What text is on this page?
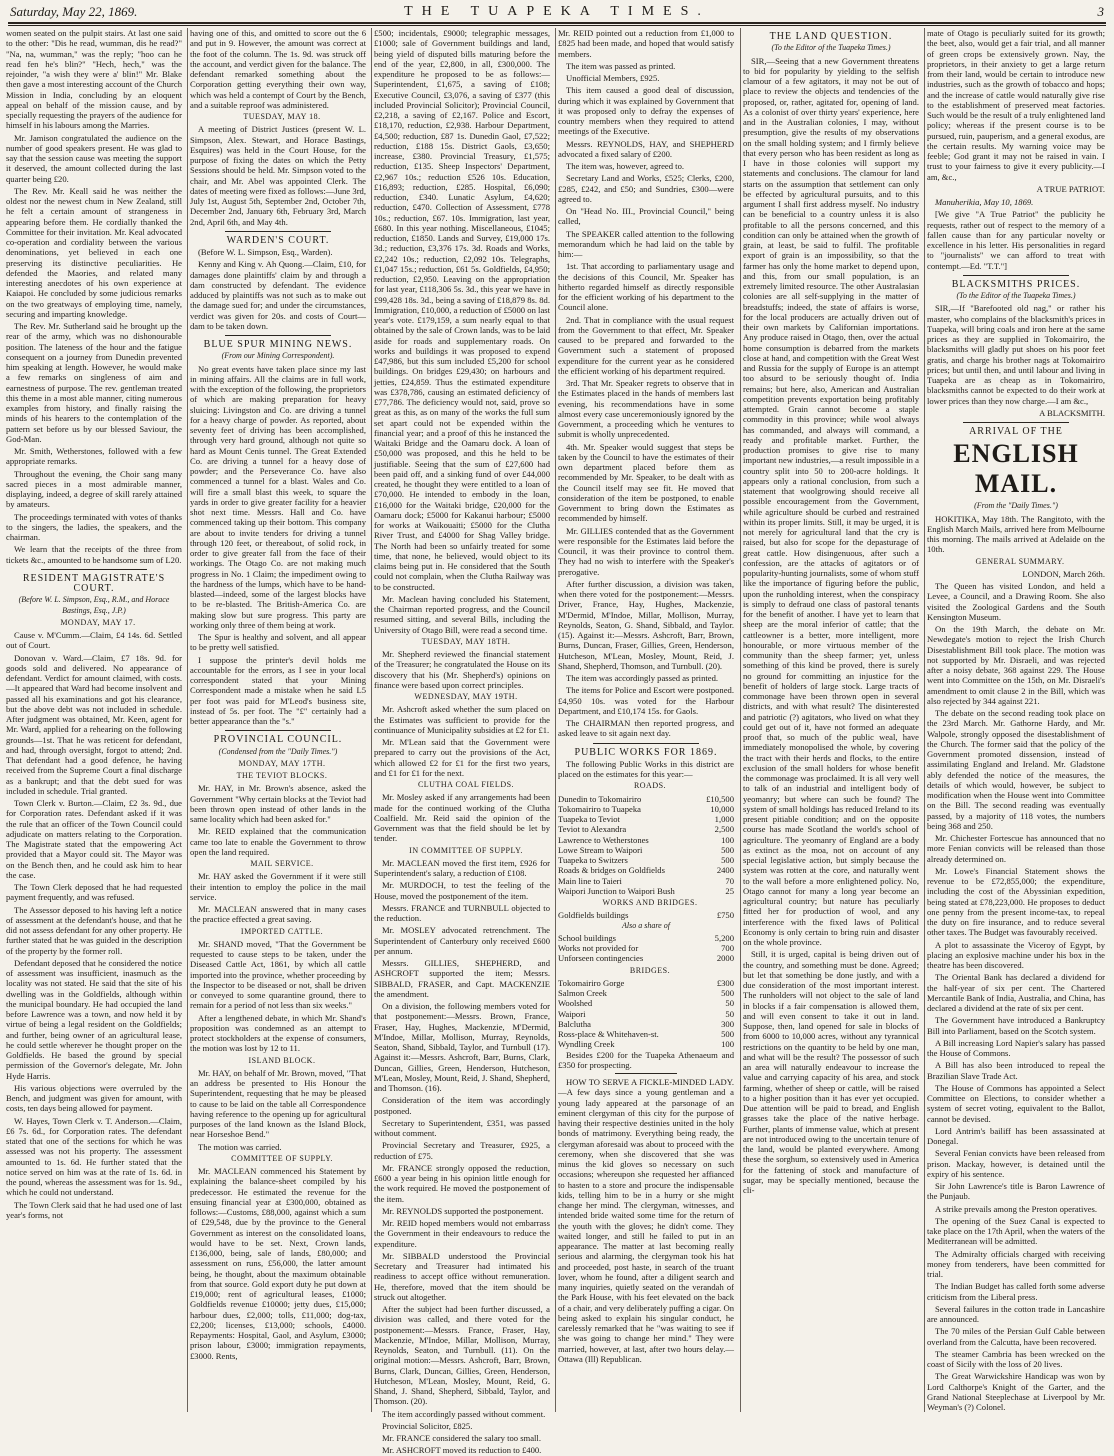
Saturday, May 22, 1869.	THE TUAPEKA TIMES.	3

women seated on the pulpit stairs. At last one said to the other: "Dis he read, wumman, dis he read?" "Na, na, wumman," was the reply; "hoo can he read fen he's blin?" "Hech, hech," was the rejoinder, "a wish they were a' blin!" Mr. Blake then gave a most interesting account of the Church Mission in India, concluding by an eloquent appeal on behalf of the mission cause, and by specially requesting the prayers of the audience for himself in his labours among the Marries.

Mr. Jamison congratulated the audience on the number of good speakers present. He was glad to say that the session cause was meeting the support it deserved, the amount collected during the last quarter being £20.

The Rev. Mr. Keall said he was neither the oldest nor the newest chum in New Zealand, still he felt a certain amount of strangeness in appearing before them. He cordially thanked the Committee for their invitation. Mr. Keal advocated co-operation and cordiality between the various denominations, yet believed in each one preserving its distinctive peculiarities. He defended the Maories, and related many interesting anecdotes of his own experience at Kaiapoi. He concluded by some judicious remarks on the two greatways of employing time, namely, securing and imparting knowledge.

The Rev. Mr. Sutherland said he brought up the rear of the army, which was no dishonourable position. The lateness of the hour and the fatigue consequent on a journey from Dunedin prevented him speaking at length. However, he would make a few remarks on singleness of aim and earnestness of purpose. The rev. gentleman treated this theme in a most able manner, citing numerous examples from history, and finally raising the minds of his hearers to the contemplation of the pattern set before us by our blessed Saviour, the God-Man.

Mr. Smith, Wetherstones, followed with a few appropriate remarks.

Throughout the evening, the Choir sang many sacred pieces in a most admirable manner, displaying, indeed, a degree of skill rarely attained by amateurs.

The proceedings terminated with votes of thanks to the singers, the ladies, the speakers, and the chairman.

We learn that the receipts of the three from tickets &c., amounted to be handsome sum of L20.

RESIDENT MAGISTRATE'S COURT.

(Before W. L. Simpson, Esq., R.M., and Horace Bastings, Esq., J.P.)

MONDAY, MAY 17.

Cause v. M'Cumm.—Claim, £4 14s. 6d. Settled out of Court.

Donovan v. Ward.—Claim, £7 18s. 9d. for goods sold and delivered. No appearance of defendant. Verdict for amount claimed, with costs.—It appeared that Ward had become insolvent and passed all his examinations and got his clearance, but the above debt was not included in schedule. After judgment was obtained, Mr. Keen, agent for Mr. Ward, applied for a rehearing on the following grounds—1st. That he was reticent for defendant, and had, through oversight, forgot to attend; 2nd. That defendant had a good defence, he having received from the Supreme Court a final discharge as a bankrupt; and that the debt sued for was included in schedule. Trial granted.

Town Clerk v. Burton.—Claim, £2 3s. 9d., due for Corporation rates. Defendant asked if it was the rule that an officer of the Town Council could adjudicate on matters relating to the Corporation. The Magistrate stated that the empowering Act provided that a Mayor could sit. The Mayor was on the Bench then, and he could ask him to hear the case.

The Town Clerk deposed that he had requested payment frequently, and was refused.

The Assessor deposed to his having left a notice of assessment at the defendant's house, and that he did not assess defendant for any other property. He further stated that he was guided in the description of the property by the former roll.

Defendant deposed that he considered the notice of assessment was insufficient, inasmuch as the locality was not stated. He said that the site of his dwelling was in the Goldfields, although within the municipal boundary. He had occupied the land before Lawrence was a town, and now held it by virtue of being a legal resident on the Goldfields; and further, being owner of an agricultural lease, he could settle wherever he thought proper on the Goldfields. He based the ground by special permission of the Governor's delegate, Mr. John Hyde Harris.

His various objections were overruled by the Bench, and judgment was given for amount, with costs, ten days being allowed for payment.

W. Hayes, Town Clerk v. T. Anderson.—Claim, £6 7s. 6d., for Corporation rates. The defendant stated that one of the sections for which he was assessed was not his property. The assessment amounted to 1s. 6d. He further stated that the notice served on him was at the rate of 1s. 6d. in the pound, whereas the assessment was for 1s. 9d., which he could not understand.

The Town Clerk said that he had used one of last year's forms, not

having one of this, and omitted to score out the 6 and put in 9. However, the amount was correct at the foot of the column. The 1s. 9d. was struck off the account, and verdict given for the balance. The defendant remarked something about the Corporation getting everything their own way, which was held a contempt of Court by the Bench, and a suitable reproof was administered.

TUESDAY, MAY 18.

A meeting of District Justices (present W. L. Simpson, Alex. Stewart, and Horace Bastings, Esquires) was held in the Court House, for the purpose of fixing the dates on which the Petty Sessions should be held. Mr. Simpson voted to the chair, and Mr. Abel was appointed Clerk. The dates of meeting were fixed as follows:—June 3rd, July 1st, August 5th, September 2nd, October 7th, December 2nd, January 6th, February 3rd, March 2nd, April 6th, and May 4th.

WARDEN'S COURT.

(Before W. L. Simpson, Esq., Warden).

Kenny and King v. Ah Quong.—Claim, £10, for damages done plaintiffs' claim by and through a dam constructed by defendant. The evidence adduced by plaintiffs was not such as to make out the damage sued for; and under the circumstances, verdict was given for 20s. and costs of Court—dam to be taken down.

BLUE SPUR MINING NEWS.

(From our Mining Correspondent).

No great events have taken place since my last in mining affairs. All the claims are in full work, with the exception of the following, the proprietors of which are making preparation for heavy sluicing: Livingston and Co. are driving a tunnel for a heavy charge of powder. As reported, about seventy feet of driving has been accomplished, through very hard ground, although not quite so hard as Mount Cenis tunnel. The Great Extended Co. are driving a tunnel for a heavy dose of powder; and the Perseverance Co. have also commenced a tunnel for a blast. Wales and Co. will fire a small blast this week, to square the yards in order to give greater facility for a heavier shot next time. Messrs. Hall and Co. have commenced taking up their bottom. This company are about to invite tenders for driving a tunnel through 120 feet, or thereabout, of solid rock, in order to give greater fall from the face of their workings. The Otago Co. are not making much progress in No. 1 Claim; the impediment owing to the hardness of the lumps, which have to be hand-blasted—indeed, some of the largest blocks have to be re-blasted. The British-America Co. are making slow but sure progress. This party are working only three of them being at work.

The Spur is healthy and solvent, and all appear to be pretty well satisfied.

I suppose the printer's devil holds me accountable for the errors, as I see in your local correspondent stated that your Mining Correspondent made a mistake when he said L5 per foot was paid for M'Leod's business site, instead of 5s. per foot. The "£" certainly had a better appearance than the "s."

PROVINCIAL COUNCIL.

(Condensed from the "Daily Times.")

MONDAY, MAY 17TH.

THE TEVIOT BLOCKS.

Mr. HAY, in Mr. Brown's absence, asked the Government "Why certain blocks at the Teviot had been thrown open instead of other lands in the same locality which had been asked for."

Mr. REID explained that the communication came too late to enable the Government to throw open the land required.

MAIL SERVICE.

Mr. HAY asked the Government if it were still their intention to employ the police in the mail service.

Mr. MACLEAN answered that in many cases the practice effected a great saving.

IMPORTED CATTLE.

Mr. SHAND moved, "That the Government be requested to cause steps to be taken, under the Diseased Cattle Act, 1861, by which all cattle imported into the province, whether proceeding by the Inspector to be diseased or not, shall be driven or conveyed to some quarantine ground, there to remain for a period of not less than six weeks."

After a lengthened debate, in which Mr. Shand's proposition was condemned as an attempt to protect stockholders at the expense of consumers, the motion was lost by 12 to 11.

ISLAND BLOCK.

Mr. HAY, on behalf of Mr. Brown, moved, "That an address be presented to His Honour the Superintendent, requesting that he may be pleased to cause to be laid on the table all Correspondence having reference to the opening up for agricultural purposes of the land known as the Island Block, near Horseshoe Bend."

The motion was carried.

COMMITTEE OF SUPPLY.

Mr. MACLEAN commenced his Statement by explaining the balance-sheet compiled by his predecessor. He estimated the revenue for the ensuing financial year at £300,000, obtained as follows:—Customs, £88,000, against which a sum of £29,548, due by the province to the General Government as interest on the consolidated loans, would have to be set. Next, Crown lands, £136,000, being, sale of lands, £80,000; and assessment on runs, £56,000, the latter amount being, he thought, about the maximum obtainable from that source. Gold export duty he put down at £19,000; rent of agricultural leases, £1000; Goldfields revenue £10000; jetty dues, £15,000; harbour dues, £2,000; tolls, £11,000; dog-tax, £2,200; licenses, £13,000; schools, £4000. Repayments: Hospital, Gaol, and Asylum, £3000; prison labour, £3000; immigration repayments, £3000. Rents,

£500; incidentals, £9000; telegraphic messages, £1000; sale of Government buildings and land, being yield of disputed bills maturing before the end of the year, £2,800, in all, £300,000. The expenditure he proposed to be as follows:—Superintendent, £1,675, a saving of £108; Executive Council, £3,076, a saving of £377 (this included Provincial Solicitor); Provincial Council, £2,218, a saving of £2,167. Police and Escort, £18,170, reduction, £2,938. Harbour Department, £4,500; reduction, £87 1s. Dunedin Gaol, £7,522; reduction, £188 15s. District Gaols, £3,650; increase, £380. Provincial Treasury, £1,575; reduction, £135. Sheep Inspectors' Department, £2,967 10s.; reduction £526 10s. Education, £16,893; reduction, £285. Hospital, £6,090; reduction, £340. Lunatic Asylum, £4,620; reduction, £470. Collection of Assessment, £778 10s.; reduction, £67. 10s. Immigration, last year, £680. In this year nothing. Miscellaneous, £1045; reduction, £1850. Lands and Survey, £19,000 17s. 3d.; reduction, £3,376 17s. 3d. Roads and Works, £2,242 10s.; reduction, £2,092 10s. Telegraphs, £1,047 15s.; reduction, £61 5s. Goldfields, £4,950; reduction, £2,950. Leaving on the appropriation for last year, £118,306 5s. 3d., this year we have in £99,428 18s. 3d., being a saving of £18,879 8s. 8d. Immigration, £10,000, a reduction of £5000 on last year's vote. £179,159, a sum nearly equal to that obtained by the sale of Crown lands, was to be laid aside for roads and supplementary roads. On works and buildings it was proposed to expend £47,986, but this sum included £5,200 for school buildings. On bridges £29,430; on harbours and jetties, £24,859. Thus the estimated expenditure was £378,786, causing an estimated deficiency of £77,786. The deficiency would not, said, prove so great as this, as on many of the works the full sum set apart could not be expended within the financial year; and a proof of this he instanced the Waitaki Bridge and the Oamaru dock. A loan of £50,000 was proposed, and this he held to be justifiable. Seeing that the sum of £27,600 had been paid off, and a sinking fund of over £44,000 created, he thought they were entitled to a loan of £70,000. He intended to embody in the loan, £16,000 for the Waitaki bridge, £20,000 for the Oamaru dock; £5000 for Kakanui harbour; £5000 for works at Waikouaiti; £5000 for the Clutha River Trust, and £4000 for Shag Valley bridge. The North had been so unfairly treated for some time, that none, he believed, would object to its claims being put in. He considered that the South could not complain, when the Clutha Railway was to be constructed.

Mr. Maclean having concluded his Statement, the Chairman reported progress, and the Council resumed sitting, and several Bills, including the University of Otago Bill, were read a second time.

TUESDAY, MAY 18TH.

Mr. Shepherd reviewed the financial statement of the Treasurer; he congratulated the House on its discovery that his (Mr. Shepherd's) opinions on finance were based upon correct principles.

WEDNESDAY, MAY 19TH.

Mr. Ashcroft asked whether the sum placed on the Estimates was sufficient to provide for the continuance of Municipality subsidies at £2 for £1.

Mr. M'Lean said that the Government were prepared to carry out the provisions of the Act, which allowed £2 for £1 for the first two years, and £1 for £1 for the next.

CLUTHA COAL FIELDS.

Mr. Mosley asked if any arrangements had been made for the continued working of the Clutha Coalfield. Mr. Reid said the opinion of the Government was that the field should be let by tender.

IN COMMITTEE OF SUPPLY.

Mr. MACLEAN moved the first item, £926 for Superintendent's salary, a reduction of £108.

Mr. MURDOCH, to test the feeling of the House, moved the postponement of the item.

Messrs. FRANCE and TURNBULL objected to the reduction.

Mr. MOSLEY advocated retrenchment. The Superintendent of Canterbury only received £600 per annum.

Messrs. GILLIES, SHEPHERD, and ASHCROFT supported the item; Messrs. SIBBALD, FRASER, and Capt. MACKENZIE the amendment.

On a division, the following members voted for that postponement:—Messrs. Brown, France, Fraser, Hay, Hughes, Mackenzie, M'Dermid, M'Indoe, Millar, Mollison, Murray, Reynolds, Seaton, Shand, Sibbald, Taylor, and Turnbull (17). Against it:—Messrs. Ashcroft, Barr, Burns, Clark, Duncan, Gillies, Green, Henderson, Hutcheson, M'Lean, Mosley, Mount, Reid, J. Shand, Shepherd, and Thomson. (16).

Consideration of the item was accordingly postponed.

Secretary to Superintendent, £351, was passed without comment.

Provincial Secretary and Treasurer, £925, a reduction of £75.

Mr. FRANCE strongly opposed the reduction, £600 a year being in his opinion little enough for the work required. He moved the postponement of the item.

Mr. REYNOLDS supported the postponement.

Mr. REID hoped members would not embarrass the Government in their endeavours to reduce the expenditure.

Mr. SIBBALD understood the Provincial Secretary and Treasurer had intimated his readiness to accept office without remuneration. He, therefore, moved that the item should be struck out altogether.

After the subject had been further discussed, a division was called, and there voted for the postponement:—Messrs. France, Fraser, Hay, Mackenzie, M'Indoe, Millar, Mollison, Murray, Reynolds, Seaton, and Turnbull. (11). On the original motion:—Messrs. Ashcroft, Barr, Brown, Burns, Clark, Duncan, Gillies, Green, Henderson, Hutcheson, M'Lean, Mosley, Mount, Reid, G. Shand, J. Shand, Shepherd, Sibbald, Taylor, and Thomson. (20).

The item accordingly passed without comment.

Provincial Solicitor, £825.

Mr. FRANCE considered the salary too small.

Mr. ASHCROFT moved its reduction to £400.

Mr. REID pointed out a reduction from £1,000 to £825 had been made, and hoped that would satisfy members.

The item was passed as printed.

Unofficial Members, £925.

This item caused a good deal of discussion, during which it was explained by Government that it was proposed only to defray the expenses of country members when they required to attend meetings of the Executive.

Messrs. REYNOLDS, HAY, and SHEPHERD advocated a fixed salary of £200.

The item was, however, agreed to.

Secretary Land and Works, £525; Clerks, £200, £285, £242, and £50; and Sundries, £300—were agreed to.

On "Head No. III., Provincial Council," being called,

The SPEAKER called attention to the following memorandum which he had laid on the table by him:—

1st. That according to parliamentary usage and the decisions of this Council, Mr. Speaker has hitherto regarded himself as directly responsible for the efficient working of his department to the Council alone.

2nd. That in compliance with the usual request from the Government to that effect, Mr. Speaker caused to be prepared and forwarded to the Government such a statement of proposed expenditure for the current year as he considered the efficient working of his department required.

3rd. That Mr. Speaker regrets to observe that in the Estimates placed in the hands of members last evening, his recommendations have in some almost every case unceremoniously ignored by the Government, a proceeding which he ventures to submit is wholly unprecedented.

4th. Mr. Speaker would suggest that steps be taken by the Council to have the estimates of their own department placed before them as recommended by Mr. Speaker, to be dealt with as the Council itself may see fit. He moved that consideration of the item be postponed, to enable Government to bring down the Estimates as recommended by himself.

Mr. GILLIES contended that as the Government were responsible for the Estimates laid before the Council, it was their province to control them. They had no wish to interfere with the Speaker's prerogative.

After further discussion, a division was taken, when there voted for the postponement:—Messrs. Driver, France, Hay, Hughes, Mackenzie, M'Dermid, M'Indoe, Millar, Mollison, Murray, Reynolds, Seaton, G. Shand, Sibbald, and Taylor. (15). Against it:—Messrs. Ashcroft, Barr, Brown, Burns, Duncan, Fraser, Gillies, Green, Henderson, Hutcheson, M'Lean, Mosley, Mount, Reid, J. Shand, Shepherd, Thomson, and Turnbull. (20).

The item was accordingly passed as printed.

The items for Police and Escort were postponed. £4,950 10s. was voted for the Harbour Department, and £10,174 15s. for Gaols.

The CHAIRMAN then reported progress, and asked leave to sit again next day.

PUBLIC WORKS FOR 1869.

The following Public Works in this district are placed on the estimates for this year:—

ROADS.

Dunedin to Tokomairiro	£10,500
Tokomairiro to Tuapeka	10,000
Tuapeka to Teviot	1,000
Teviot to Alexandra	2,500
Lawrence to Wetherstones	100
Lowe Stream to Waipori	500
Tuapeka to Switzers	500
Roads & bridges on Goldfields	2400
Main line to Taieri	70
Waipori Junction to Waipori Bush	25

WORKS AND BRIDGES.

Goldfields buildings	£750

Also a share of

School buildings	5,200
Works not provided for	700
Unforseen contingencies	2000

BRIDGES.

Tokomairiro Gorge	£300
Salmon Creek	500
Woolshed	50
Waipori	50
Balclutha	300
Ross-place & Whitehaven-st.	500
Wyndling Creek	100

Besides £200 for the Tuapeka Athenaeum and £350 for prospecting.

HOW TO SERVE A FICKLE-MINDED LADY.—A few days since a young gentleman and a young lady appeared at the parsonage of an eminent clergyman of this city for the purpose of having their respective destinies united in the holy bonds of matrimony. Everything being ready, the clergyman aforesaid was about to proceed with the ceremony, when she discovered that she was minus the kid gloves so necessary on such occasions; whereupon she requested her affianced to hasten to a store and procure the indispensable kids, telling him to be in a hurry or she might change her mind. The clergyman, witnesses, and intended bride waited some time for the return of the youth with the gloves; he didn't come. They waited longer, and still he failed to put in an appearance. The matter at last becoming really serious and alarming, the clergyman took his hat and proceeded, post haste, in search of the truant lover, whom he found, after a diligent search and many inquiries, quietly seated on the verandah of the Park House, with his feet elevated on the back of a chair, and very deliberately puffing a cigar. On being asked to explain his singular conduct, he carelessly remarked that he "was waiting to see if she was going to change her mind." They were married, however, at last, after two hours delay.—Ottawa (Ill) Republican.

THE LAND QUESTION.

(To the Editor of the Tuapeka Times.)

SIR,—Seeing that a new Government threatens to bid for popularity by yielding to the selfish clamour of a few agitators, it may not be out of place to review the objects and tendencies of the proposed, or, rather, agitated for, opening of land. As a colonist of over thirty years' experience, here and in the Australian colonies, I may, without presumption, give the results of my observations on the small holding system; and I firmly believe that every person who has been resident as long as I have in those colonies will support my statements and conclusions. The clamour for land starts on the assumption that settlement can only be effected by agricultural pursuits, and to this argument I shall first address myself. No industry can be beneficial to a country unless it is also profitable to all the persons concerned, and this condition can only be attained when the growth of grain, at least, be said to fulfil. The profitable export of grain is an impossibility, so that the farmer has only the home market to depend upon, and this, from our small population, is an extremely limited resource. The other Australasian colonies are all self-supplying in the matter of breadstuffs; indeed, the state of affairs is worse, for the local producers are actually driven out of their own markets by Californian importations. Any produce raised in Otago, then, over the actual home consumption is debarred from the markets close at hand, and competition with the Great West and Russia for the supply of Europe is an attempt too absurd to be seriously thought of. India remains; but here, also, American and Australian competition prevents exportation being profitably attempted. Grain cannot become a staple commodity in this province; while wool always has commanded, and always will command, a ready and profitable market. Further, the production promises to give rise to many important new industries,—a result impossible in a country split into 50 to 200-acre holdings. It appears only a rational conclusion, from such a statement that woolgrowing should receive all possible encouragement from the Government, while agriculture should be curbed and restrained within its proper limits. Still, it may be urged, it is not merely for agricultural land that the cry is raised, but also for scope for the depasturage of great cattle. How disingenuous, after such a confession, are the attacks of agitators or of popularity-hunting journalists, some of whom stuff like the importance of figuring before the public, upon the runholding interest, when the conspiracy is simply to defraud one class of pastoral tenants for the benefit of another. I have yet to learn that sheep are the moral inferior of cattle; that the cattleowner is a better, more intelligent, more honourable, or more virtuous member of the community than the sheep farmer; yet, unless something of this kind be proved, there is surely no ground for committing an injustice for the benefit of holders of large stock. Large tracts of commonage have been thrown open in several districts, and with what result? The disinterested and patriotic (?) agitators, who lived on what they could get out of it, have not formed an adequate proof that, so much of the public weal, have immediately monopolised the whole, by covering the tract with their herds and flocks, to the entire exclusion of the small holders for whose benefit the commonage was proclaimed. It is all very well to talk of an industrial and intelligent body of yeomanry; but where can such be found? The system of small holdings has reduced Ireland to its present pitiable condition; and on the opposite course has made Scotland the world's school of agriculture. The yeomanry of England are a body as extinct as the moa, not on account of any special legislative action, but simply because the system was rotten at the core, and naturally went to the wall before a more enlightened policy. No, Otago cannot for many a long year become an agricultural country; but nature has peculiarly fitted her for production of wool, and any interference with the fixed laws of Political Economy is only certain to bring ruin and disaster on the whole province.

Still, it is urged, capital is being driven out of the country, and something must be done. Agreed; but let that something be done justly, and with a due consideration of the most important interest. The runholders will not object to the sale of land in blocks if a fair compensation is allowed them, and will even consent to take it out in land. Suppose, then, land opened for sale in blocks of from 6000 to 10,000 acres, without any tyrannical restrictions on the quantity to be held by one man, and what will be the result? The possessor of such an area will naturally endeavour to increase the value and carrying capacity of his area, and stock farming, whether of sheep or cattle, will be raised to a higher position than it has ever yet occupied. Due attention will be paid to bread, and English grasses take the place of the native herbage. Further, plants of immense value, which at present are not introduced owing to the uncertain tenure of the land, would be planted everywhere. Among these the sorghum, so extensively used in America for the fattening of stock and manufacture of sugar, may be specially mentioned, because the cli-

mate of Otago is peculiarly suited for its growth; the beet, also, would get a fair trial, and all manner of green crops be extensively grown. Nay, the proprietors, in their anxiety to get a large return from their land, would be certain to introduce new industries, such as the growth of tobacco and hops; and the increase of cattle would naturally give rise to the establishment of preserved meat factories. Such would be the result of a truly enlightened land policy; whereas if the present course is to be pursued, ruin, pauperism, and a general exodus, are the certain results. My warning voice may be feeble; God grant it may not be raised in vain. I trust to your fairness to give it every publicity.—I am, &c.,

A TRUE PATRIOT.

Manuherikia, May 10, 1869.

[We give "A True Patriot" the publicity he requests, rather out of respect to the memory of a fallen cause than for any particular novelty or excellence in his letter. His personalities in regard to "journalists" we can afford to treat with contempt.—Ed. "T.T."]

BLACKSMITHS PRICES.

(To the Editor of the Tuapeka Times.)

SIR,—If "Barefooted old nag," or rather his master, who complains of the blacksmith's prices in Tuapeka, will bring coals and iron here at the same prices as they are supplied in Tokomairiro, the blacksmiths will gladly put shoes on his poor feet gratis, and charge his brother nags at Tokomairiro prices; but until then, and until labour and living in Tuapeka are as cheap as in Tokomairiro, blacksmiths cannot be expected to do their work at lower prices than they now charge.—I am &c.,

A BLACKSMITH.

ARRIVAL OF THE
ENGLISH MAIL.

(From the "Daily Times.")

HOKITIKA, May 18th. The Rangitoto, with the English March Mails, arrived here from Melbourne this morning. The mails arrived at Adelaide on the 10th.

GENERAL SUMMARY.

LONDON, March 26th.

The Queen has visited London, and held a Levee, a Council, and a Drawing Room. She also visited the Zoological Gardens and the South Kensington Museum.

On the 19th March, the debate on Mr. Newdegate's motion to reject the Irish Church Disestablishment Bill took place. The motion was not supported by Mr. Disraeli, and was rejected after a noisy debate, 368 against 229. The House went into Committee on the 15th, on Mr. Disraeli's amendment to omit clause 2 in the Bill, which was also rejected by 344 against 221.

The debate on the second reading took place on the 23rd March. Mr. Gathorne Hardy, and Mr. Walpole, strongly opposed the disestablishment of the Church. The former said that the policy of the Government promoted dissension, instead of assimilating England and Ireland. Mr. Gladstone ably defended the notice of the measures, the details of which would, however, be subject to modification when the House went into Committee on the Bill. The second reading was eventually passed, by a majority of 118 votes, the numbers being 368 and 250.

Mr. Chichester Fortescue has announced that no more Fenian convicts will be released than those already determined on.

Mr. Lowe's Financial Statement shows the revenue to be £72,855,000; the expenditure, including the cost of the Abyssinian expedition, being stated at £78,223,000. He proposes to deduct one penny from the present income-tax, to repeal the duty on fire insurance, and to reduce several other taxes. The Budget was favourably received.

A plot to assassinate the Viceroy of Egypt, by placing an explosive machine under his box in the theatre has been discovered.

The Oriental Bank has declared a dividend for the half-year of six per cent. The Chartered Mercantile Bank of India, Australia, and China, has declared a dividend at the rate of six per cent.

The Government have introduced a Bankruptcy Bill into Parliament, based on the Scotch system.

A Bill increasing Lord Napier's salary has passed the House of Commons.

A Bill has also been introduced to repeal the Brazilian Slave Trade Act.

The House of Commons has appointed a Select Committee on Elections, to consider whether a system of secret voting, equivalent to the Ballot, cannot be devised.

Lord Antrim's bailiff has been assassinated at Donegal.

Several Fenian convicts have been released from prison. Mackay, however, is detained until the expiry of his sentence.

Sir John Lawrence's title is Baron Lawrence of the Punjaub.

A strike prevails among the Preston operatives.

The opening of the Suez Canal is expected to take place on the 17th April, when the waters of the Mediterranean will be admitted.

The Admiralty officials charged with receiving money from tenderers, have been committed for trial.

The Indian Budget has called forth some adverse criticism from the Liberal press.

Several failures in the cotton trade in Lancashire are announced.

The 70 miles of the Persian Gulf Cable between overland from the Calcutta, have been recovered.

The steamer Cambria has been wrecked on the coast of Sicily with the loss of 20 lives.

The Great Warwickshire Handicap was won by Lord Calthorpe's Knight of the Garter, and the Grand National Steeplechase at Liverpool by Mr. Weyman's (?) Colonel.
